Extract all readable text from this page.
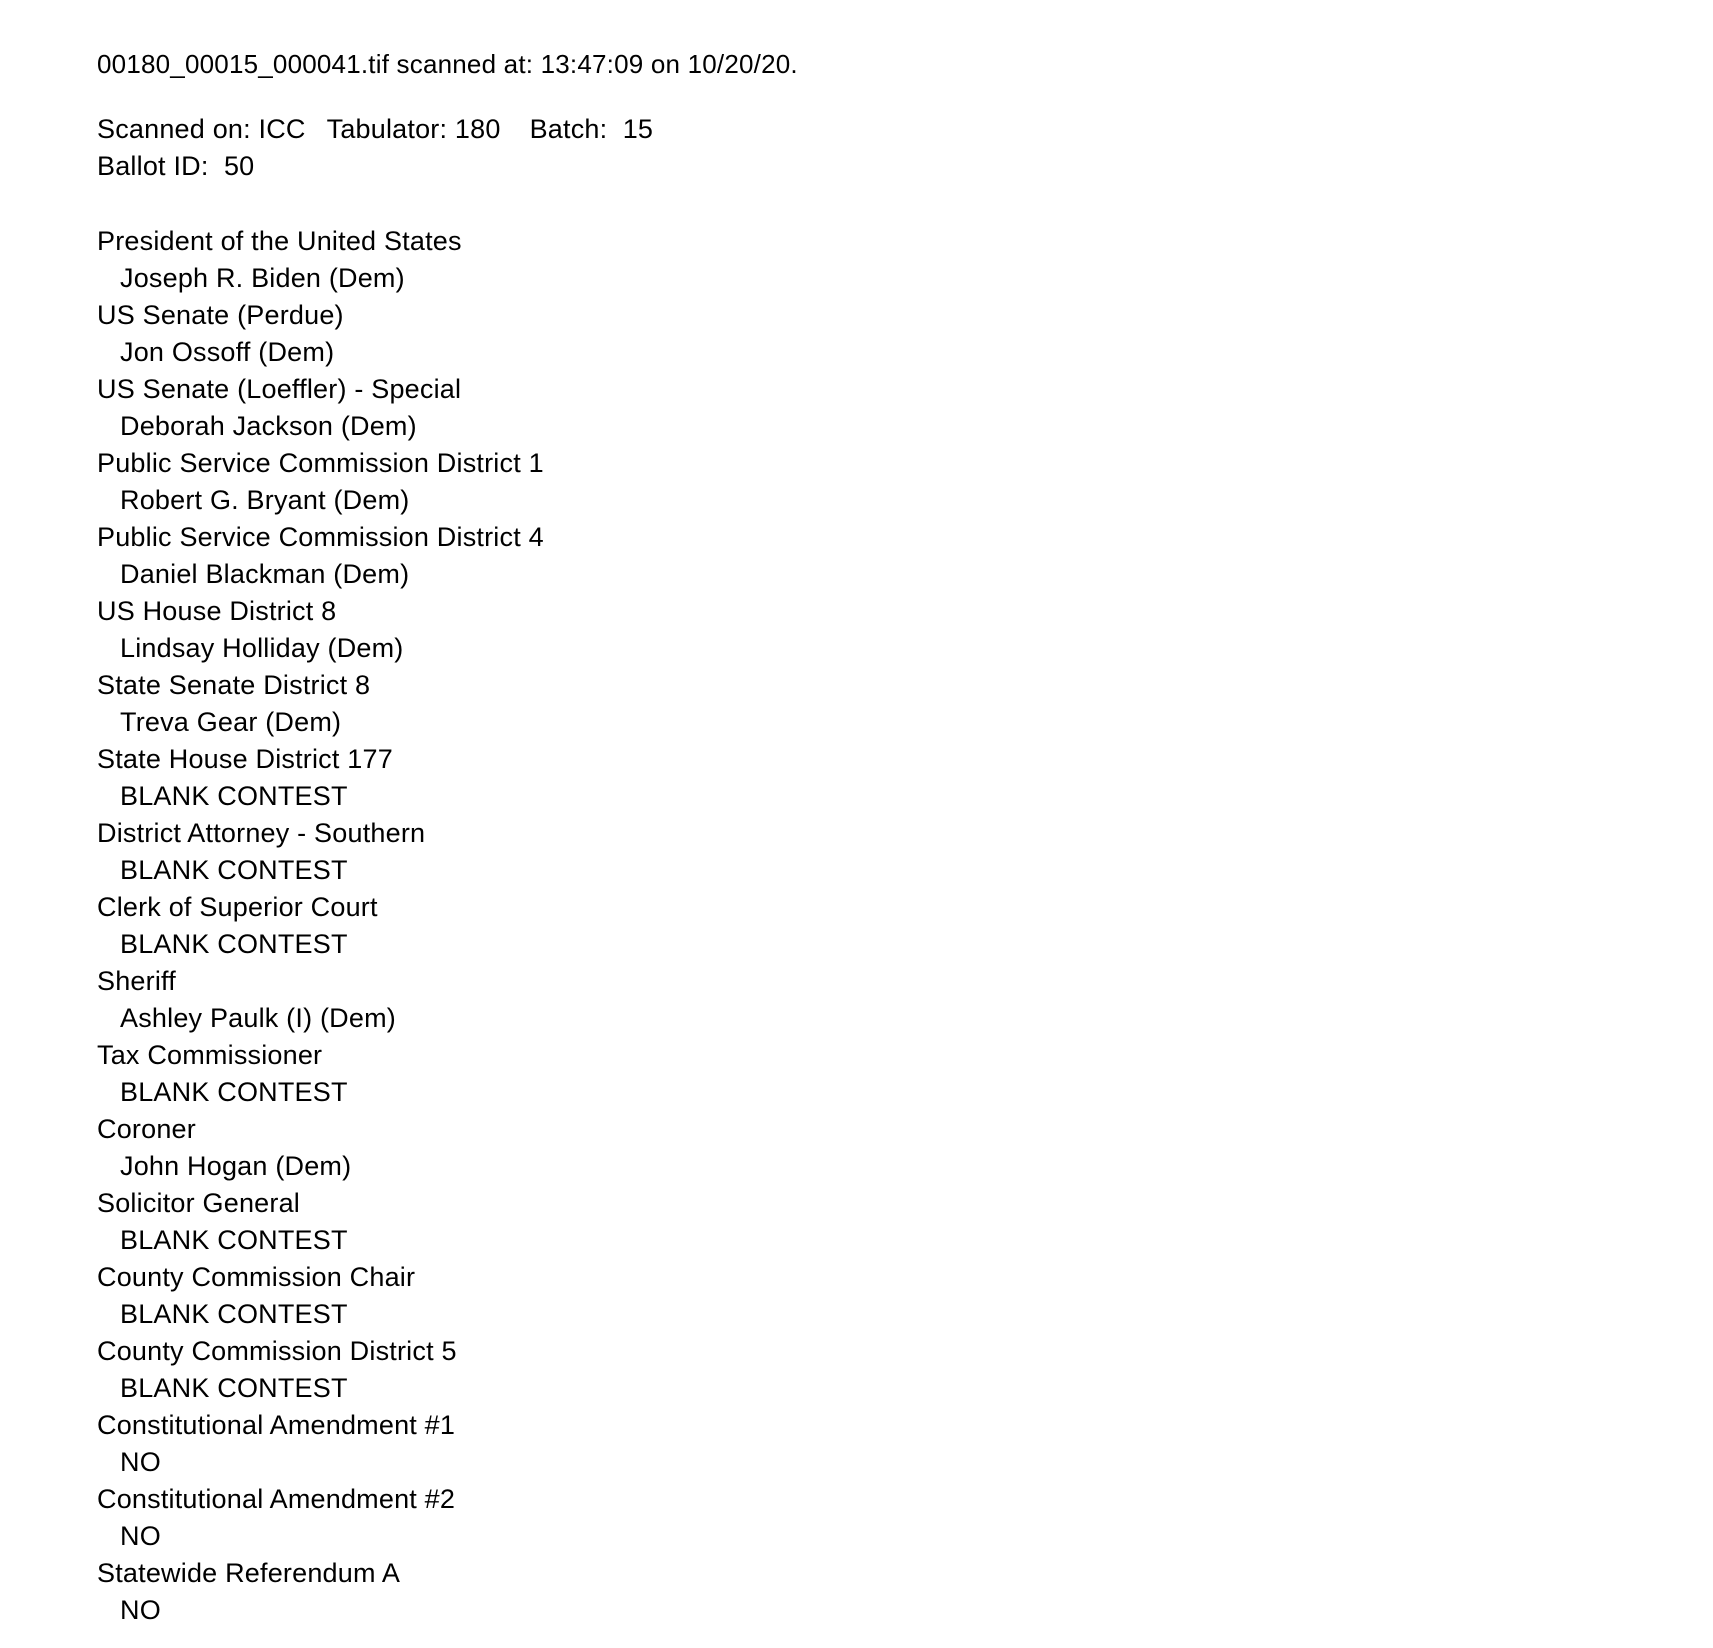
00180_00015_000041.tif scanned at: 13:47:09 on 10/20/20.
Scanned on: ICC Tabulator: 180 Batch:  15
Ballot ID:  50
President of the United States
Joseph R. Biden (Dem)
US Senate (Perdue)
Jon Ossoff (Dem)
US Senate (Loeffler) - Special
Deborah Jackson (Dem)
Public Service Commission District 1
Robert G. Bryant (Dem)
Public Service Commission District 4
Daniel Blackman (Dem)
US House District 8
Lindsay Holliday (Dem)
State Senate District 8
Treva Gear (Dem)
State House District 177
BLANK CONTEST
District Attorney - Southern
BLANK CONTEST
Clerk of Superior Court
BLANK CONTEST
Sheriff
Ashley Paulk (I) (Dem)
Tax Commissioner
BLANK CONTEST
Coroner
John Hogan (Dem)
Solicitor General
BLANK CONTEST
County Commission Chair
BLANK CONTEST
County Commission District 5
BLANK CONTEST
Constitutional Amendment #1
NO
Constitutional Amendment #2
NO
Statewide Referendum A
NO
